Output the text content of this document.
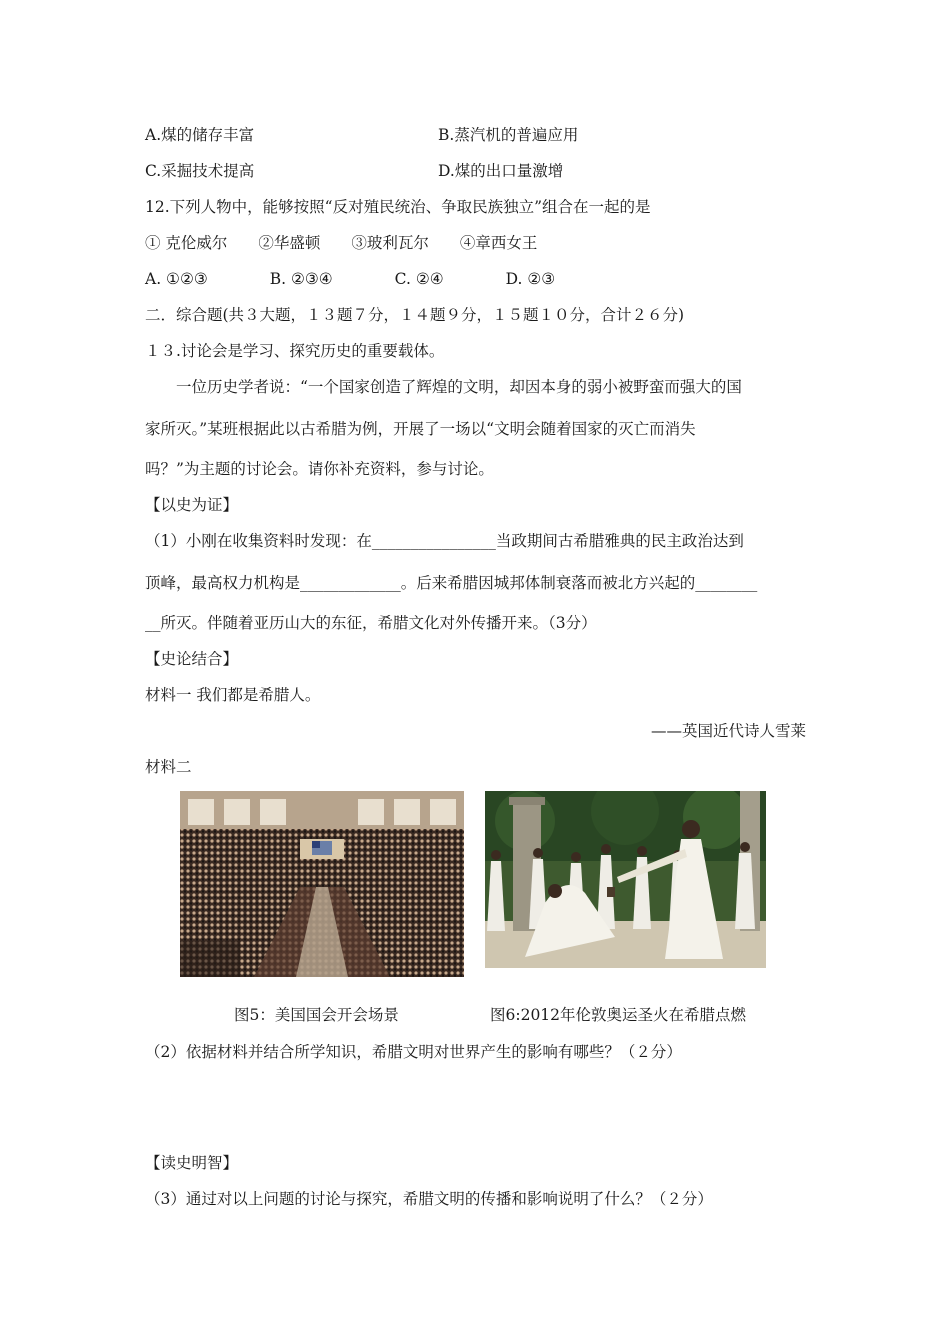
A.煤的储存丰富	B.蒸汽机的普遍应用
C.采掘技术提高	D.煤的出口量激增
12.下列人物中，能够按照“反对殖民统治、争取民族独立”组合在一起的是
① 克伦威尔　　②华盛顿　　③玻利瓦尔　　④章西女王
A. ①②③　　　　B. ②③④　　　　C. ②④　　　　D. ②③
二．综合题(共３大题，１３题７分，１４题９分，１５题１０分，合计２６分)
１３.讨论会是学习、探究历史的重要载体。
一位历史学者说：“一个国家创造了辉煌的文明，却因本身的弱小被野蛮而强大的国
家所灭。”某班根据此以古希腊为例，开展了一场以“文明会随着国家的灭亡而消失
吗？”为主题的讨论会。请你补充资料，参与讨论。
【以史为证】
（1）小刚在收集资料时发现：在________________当政期间古希腊雅典的民主政治达到
顶峰，最高权力机构是_____________。后来希腊因城邦体制衰落而被北方兴起的________
__所灭。伴随着亚历山大的东征，希腊文化对外传播开来。（3分）
【史论结合】
材料一 我们都是希腊人。
——英国近代诗人雪莱
材料二
图5：美国国会开会场景	图6:2012年伦敦奥运圣火在希腊点燃
（2）依据材料并结合所学知识，希腊文明对世界产生的影响有哪些？（２分）
【读史明智】
（3）通过对以上问题的讨论与探究，希腊文明的传播和影响说明了什么？（２分）
